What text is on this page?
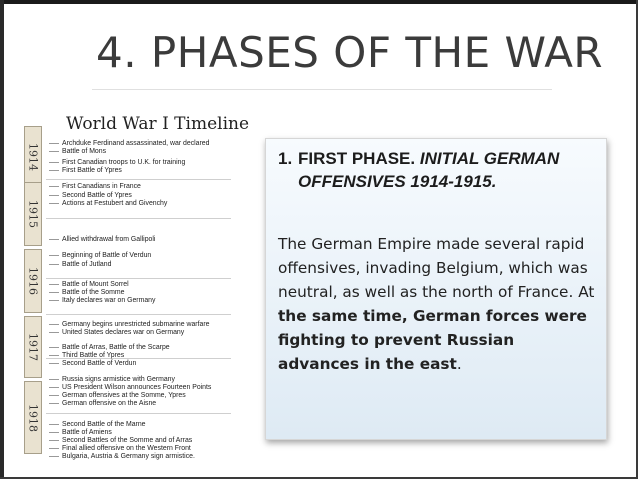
4. PHASES OF THE WAR
World War I Timeline
1914
1915
1916
1917
1918
Archduke Ferdinand assassinated, war declared
Battle of Mons
First Canadian troops to U.K. for training
First Battle of Ypres
First Canadians in France
Second Battle of Ypres
Actions at Festubert and Givenchy
Allied withdrawal from Gallipoli
Beginning of Battle of Verdun
Battle of Jutland
Battle of Mount Sorrel
Battle of the Somme
Italy declares war on Germany
Germany begins unrestricted submarine warfare
United States declares war on Germany
Battle of Arras, Battle of the Scarpe
Third Battle of Ypres
Second Battle of Verdun
Russia signs armistice with Germany
US President Wilson announces Fourteen Points
German offensives at the Somme, Ypres
German offensive on the Aisne
Second Battle of the Marne
Battle of Amiens
Second Battles of the Somme and of Arras
Final allied offensive on the Western Front
Bulgaria, Austria & Germany sign armistice.
1. FIRST PHASE. INITIAL GERMAN OFFENSIVES 1914-1915.
The German Empire made several rapid offensives, invading Belgium, which was neutral, as well as the north of France. At the same time, German forces were fighting to prevent Russian advances in the east.
